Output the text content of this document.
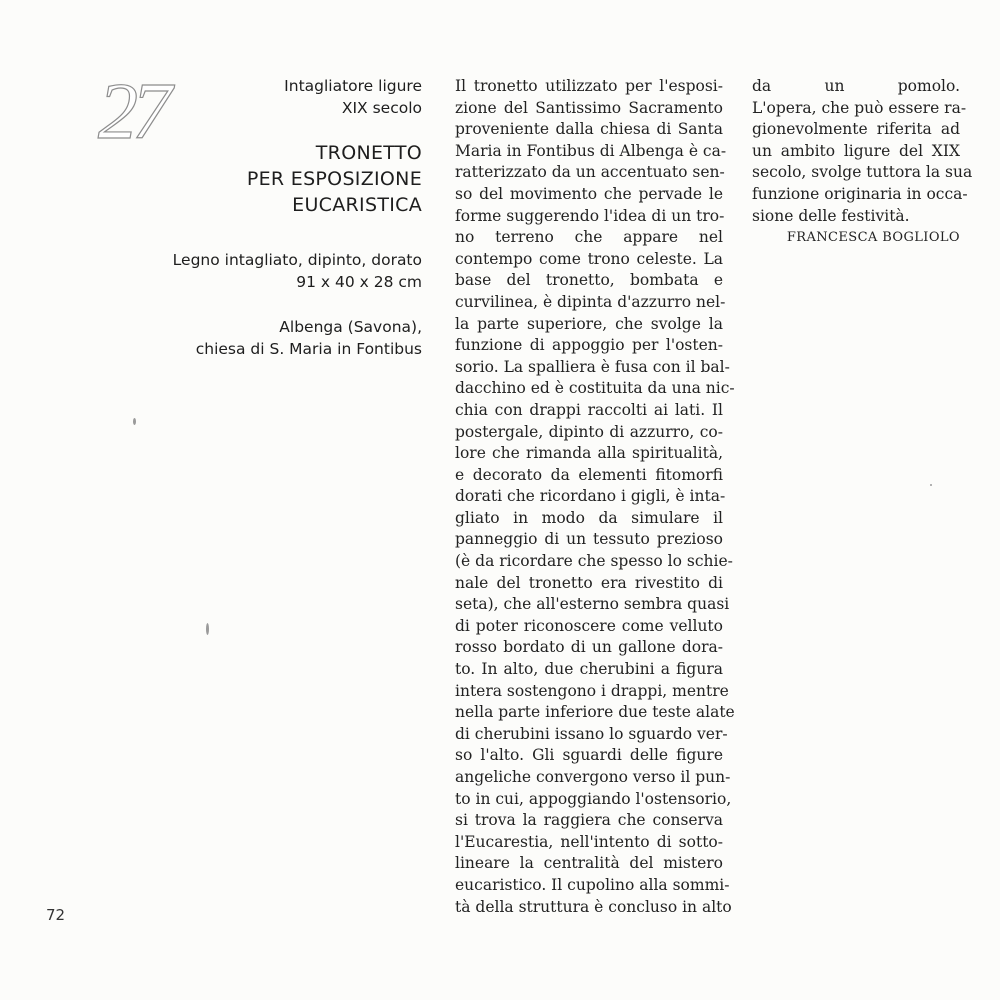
27	Intagliatore ligure
XIX secolo
TRONETTO
PER ESPOSIZIONE
EUCARISTICA
Legno intagliato, dipinto, dorato
91 x 40 x 28 cm
Albenga (Savona),
chiesa di S. Maria in Fontibus
Il tronetto utilizzato per l'esposi-
zione del Santissimo Sacramento
proveniente dalla chiesa di Santa
Maria in Fontibus di Albenga è ca-
ratterizzato da un accentuato sen-
so del movimento che pervade le
forme suggerendo l'idea di un tro-
no terreno che appare nel
contempo come trono celeste. La
base del tronetto, bombata e
curvilinea, è dipinta d'azzurro nel-
la parte superiore, che svolge la
funzione di appoggio per l'osten-
sorio. La spalliera è fusa con il bal-
dacchino ed è costituita da una nic-
chia con drappi raccolti ai lati. Il
postergale, dipinto di azzurro, co-
lore che rimanda alla spiritualità,
e decorato da elementi fitomorfi
dorati che ricordano i gigli, è inta-
gliato in modo da simulare il
panneggio di un tessuto prezioso
(è da ricordare che spesso lo schie-
nale del tronetto era rivestito di
seta), che all'esterno sembra quasi
di poter riconoscere come velluto
rosso bordato di un gallone dora-
to. In alto, due cherubini a figura
intera sostengono i drappi, mentre
nella parte inferiore due teste alate
di cherubini issano lo sguardo ver-
so l'alto. Gli sguardi delle figure
angeliche convergono verso il pun-
to in cui, appoggiando l'ostensorio,
si trova la raggiera che conserva
l'Eucarestia, nell'intento di sotto-
lineare la centralità del mistero
eucaristico. Il cupolino alla sommi-
tà della struttura è concluso in alto
da un pomolo.
L'opera, che può essere ra-
gionevolmente riferita ad
un ambito ligure del XIX
secolo, svolge tuttora la sua
funzione originaria in occa-
sione delle festività.
FRANCESCA BOGLIOLO
72
